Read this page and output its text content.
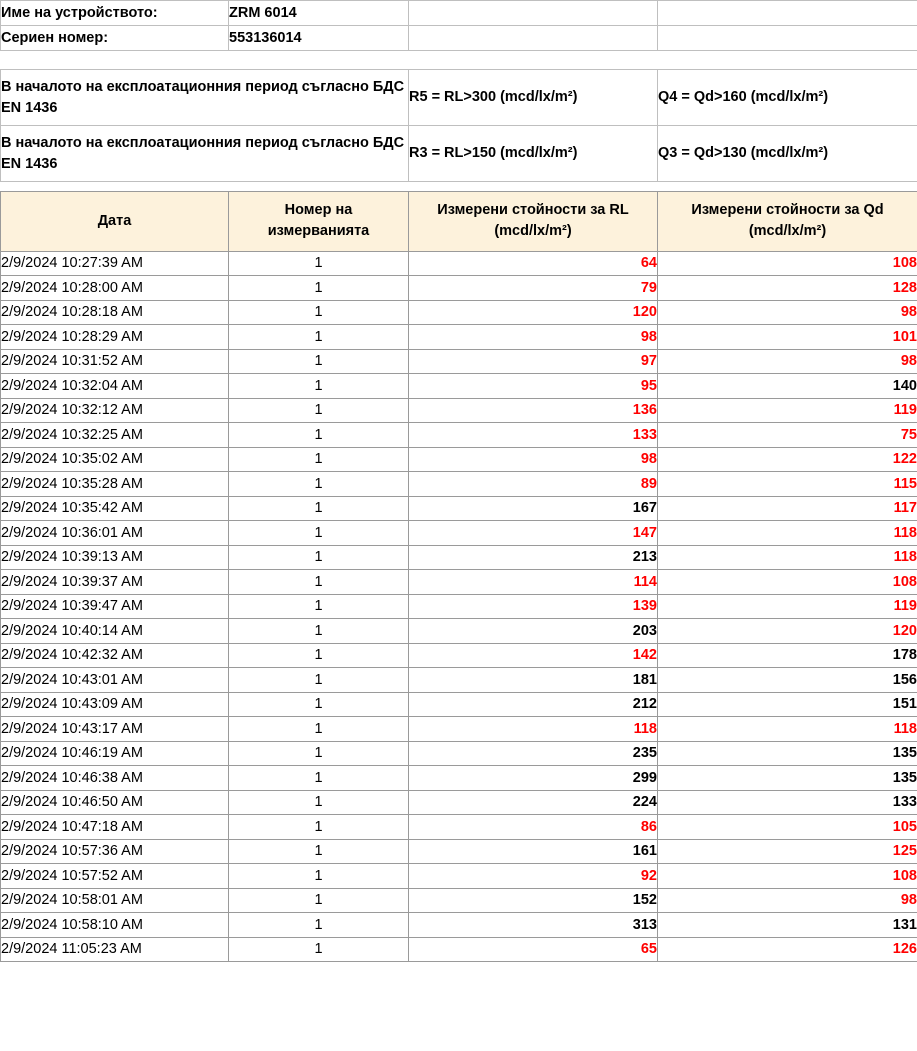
Име на устройството:	ZRM 6014		
Сериен номер:	553136014		

В началото на експлоатационния период съгласно БДС EN 1436		R5 = RL>300 (mcd/lx/m²)	Q4 = Qd>160 (mcd/lx/m²)
В началото на експлоатационния период съгласно БДС EN 1436		R3 = RL>150 (mcd/lx/m²)	Q3 = Qd>130 (mcd/lx/m²)

Дата	Номер на измерванията	Измерени стойности за RL (mcd/lx/m²)	Измерени стойности за Qd (mcd/lx/m²)
2/9/2024 10:27:39 AM	1	64	108
2/9/2024 10:28:00 AM	1	79	128
2/9/2024 10:28:18 AM	1	120	98
2/9/2024 10:28:29 AM	1	98	101
2/9/2024 10:31:52 AM	1	97	98
2/9/2024 10:32:04 AM	1	95	140
2/9/2024 10:32:12 AM	1	136	119
2/9/2024 10:32:25 AM	1	133	75
2/9/2024 10:35:02 AM	1	98	122
2/9/2024 10:35:28 AM	1	89	115
2/9/2024 10:35:42 AM	1	167	117
2/9/2024 10:36:01 AM	1	147	118
2/9/2024 10:39:13 AM	1	213	118
2/9/2024 10:39:37 AM	1	114	108
2/9/2024 10:39:47 AM	1	139	119
2/9/2024 10:40:14 AM	1	203	120
2/9/2024 10:42:32 AM	1	142	178
2/9/2024 10:43:01 AM	1	181	156
2/9/2024 10:43:09 AM	1	212	151
2/9/2024 10:43:17 AM	1	118	118
2/9/2024 10:46:19 AM	1	235	135
2/9/2024 10:46:38 AM	1	299	135
2/9/2024 10:46:50 AM	1	224	133
2/9/2024 10:47:18 AM	1	86	105
2/9/2024 10:57:36 AM	1	161	125
2/9/2024 10:57:52 AM	1	92	108
2/9/2024 10:58:01 AM	1	152	98
2/9/2024 10:58:10 AM	1	313	131
2/9/2024 11:05:23 AM	1	65	126
